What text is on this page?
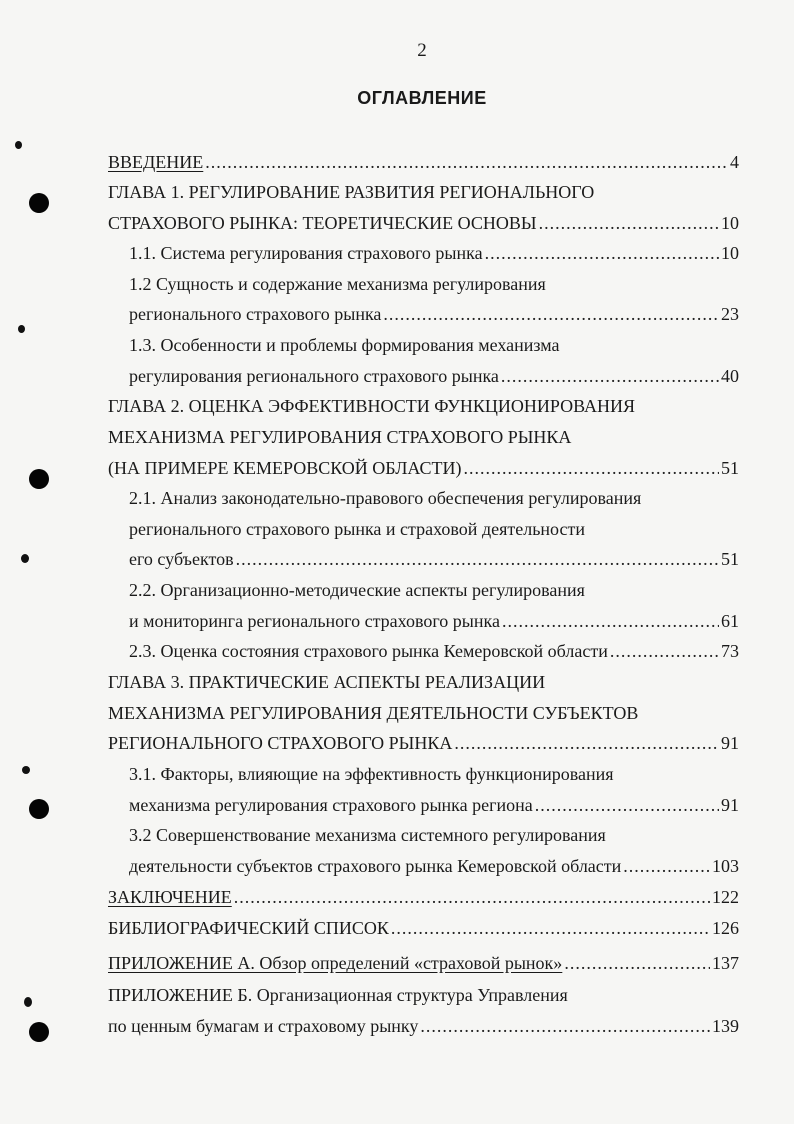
2
ОГЛАВЛЕНИЕ
ВВЕДЕНИЕ .....	4
ГЛАВА 1. РЕГУЛИРОВАНИЕ РАЗВИТИЯ РЕГИОНАЛЬНОГО
СТРАХОВОГО РЫНКА: ТЕОРЕТИЧЕСКИЕ ОСНОВЫ .....	10
1.1. Система регулирования страхового рынка .....	10
1.2 Сущность и содержание механизма регулирования
регионального страхового рынка .....	23
1.3. Особенности и проблемы формирования механизма
регулирования регионального страхового рынка .....	40
ГЛАВА 2. ОЦЕНКА ЭФФЕКТИВНОСТИ ФУНКЦИОНИРОВАНИЯ
МЕХАНИЗМА РЕГУЛИРОВАНИЯ СТРАХОВОГО РЫНКА
(НА ПРИМЕРЕ КЕМЕРОВСКОЙ ОБЛАСТИ) .....	51
2.1. Анализ законодательно-правового обеспечения регулирования
регионального страхового рынка и страховой деятельности
его субъектов .....	51
2.2. Организационно-методические аспекты регулирования
и мониторинга регионального страхового рынка .....	61
2.3. Оценка состояния страхового рынка Кемеровской области .....	73
ГЛАВА 3. ПРАКТИЧЕСКИЕ АСПЕКТЫ РЕАЛИЗАЦИИ
МЕХАНИЗМА РЕГУЛИРОВАНИЯ ДЕЯТЕЛЬНОСТИ СУБЪЕКТОВ
РЕГИОНАЛЬНОГО СТРАХОВОГО РЫНКА .....	91
3.1. Факторы, влияющие на эффективность функционирования
механизма регулирования страхового рынка региона .....	91
3.2 Совершенствование механизма системного регулирования
деятельности субъектов страхового рынка Кемеровской области .....	103
ЗАКЛЮЧЕНИЕ .....	122
БИБЛИОГРАФИЧЕСКИЙ СПИСОК .....	126
ПРИЛОЖЕНИЕ А. Обзор определений «страховой рынок» .....	137
ПРИЛОЖЕНИЕ Б. Организационная структура Управления
по ценным бумагам и страховому рынку .....	139
